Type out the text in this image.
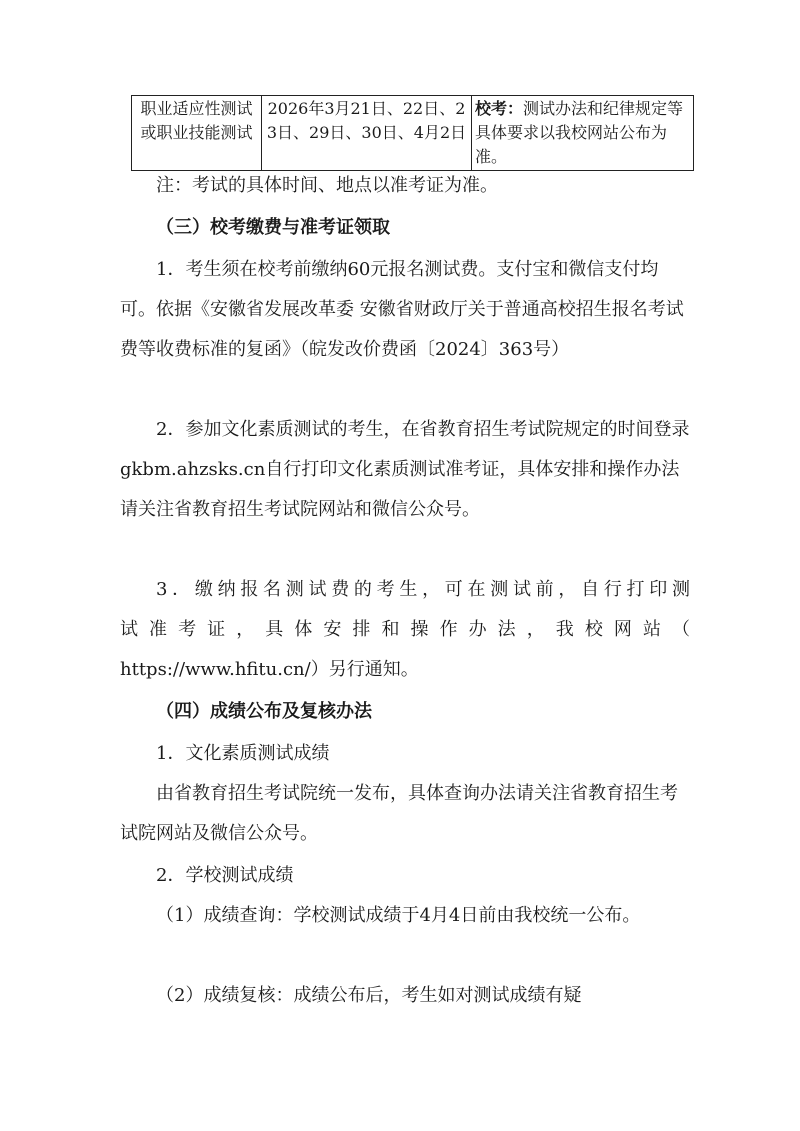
职业适应性测试或职业技能测试	2026年3月21日、22日、23日、29日、30日、4月2日	校考：测试办法和纪律规定等具体要求以我校网站公布为准。

注：考试的具体时间、地点以准考证为准。

（三）校考缴费与准考证领取

1．考生须在校考前缴纳60元报名测试费。支付宝和微信支付均可。依据《安徽省发展改革委 安徽省财政厅关于普通高校招生报名考试费等收费标准的复函》（皖发改价费函〔2024〕363号）

2．参加文化素质测试的考生，在省教育招生考试院规定的时间登录gkbm.ahzsks.cn自行打印文化素质测试准考证，具体安排和操作办法请关注省教育招生考试院网站和微信公众号。

3．缴纳报名测试费的考生，可在测试前，自行打印测

试准考证，具体安排和操作办法，我校网站（

https://www.hfitu.cn/）另行通知。

（四）成绩公布及复核办法

1．文化素质测试成绩

由省教育招生考试院统一发布，具体查询办法请关注省教育招生考试院网站及微信公众号。

2．学校测试成绩

（1）成绩查询：学校测试成绩于4月4日前由我校统一公布。

（2）成绩复核：成绩公布后，考生如对测试成绩有疑
